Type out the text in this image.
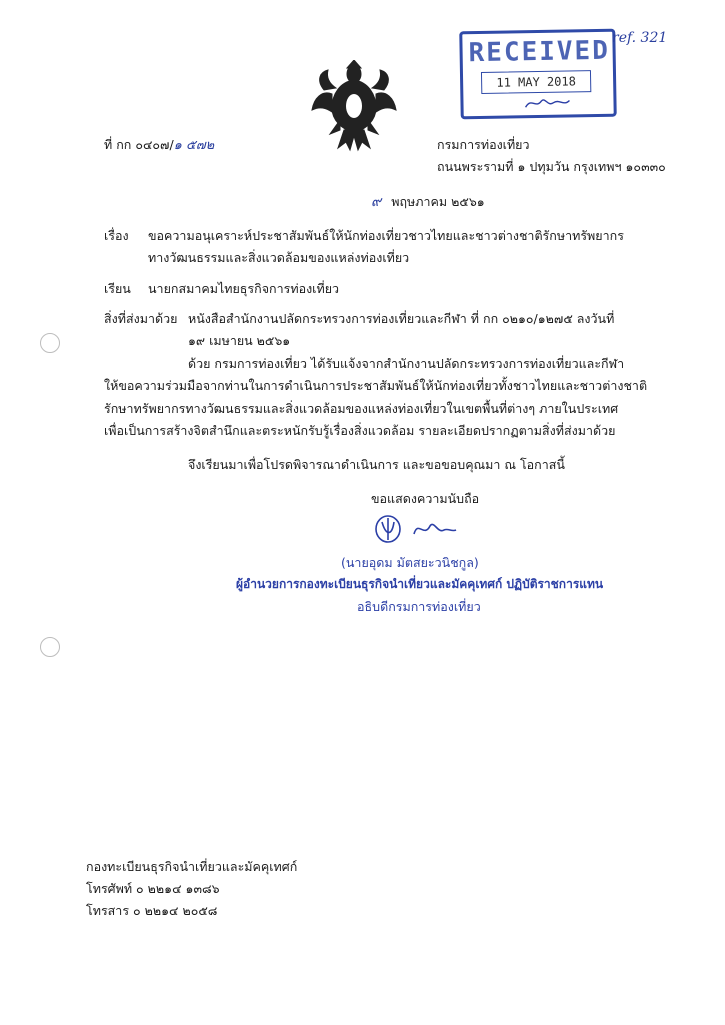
RECEIVED
11 MAY 2018
ref. 321
ที่ กก ๐๔๐๗/๑ ๕๗๒	กรมการท่องเที่ยว
ถนนพระรามที่ ๑ ปทุมวัน กรุงเทพฯ ๑๐๓๓๐
๙ พฤษภาคม ๒๕๖๑
เรื่อง ขอความอนุเคราะห์ประชาสัมพันธ์ให้นักท่องเที่ยวชาวไทยและชาวต่างชาติรักษาทรัพยากร
ทางวัฒนธรรมและสิ่งแวดล้อมของแหล่งท่องเที่ยว
เรียน นายกสมาคมไทยธุรกิจการท่องเที่ยว
สิ่งที่ส่งมาด้วย หนังสือสำนักงานปลัดกระทรวงการท่องเที่ยวและกีฬา ที่ กก ๐๒๑๐/๑๒๗๕ ลงวันที่
๑๙ เมษายน ๒๕๖๑
ด้วย กรมการท่องเที่ยว ได้รับแจ้งจากสำนักงานปลัดกระทรวงการท่องเที่ยวและกีฬา
ให้ขอความร่วมมือจากท่านในการดำเนินการประชาสัมพันธ์ให้นักท่องเที่ยวทั้งชาวไทยและชาวต่างชาติ
รักษาทรัพยากรทางวัฒนธรรมและสิ่งแวดล้อมของแหล่งท่องเที่ยวในเขตพื้นที่ต่างๆ ภายในประเทศ
เพื่อเป็นการสร้างจิตสำนึกและตระหนักรับรู้เรื่องสิ่งแวดล้อม รายละเอียดปรากฏตามสิ่งที่ส่งมาด้วย
จึงเรียนมาเพื่อโปรดพิจารณาดำเนินการ และขอขอบคุณมา ณ โอกาสนี้
ขอแสดงความนับถือ
(นายอุดม มัตสยะวนิชกูล)
ผู้อำนวยการกองทะเบียนธุรกิจนำเที่ยวและมัคคุเทศก์ ปฏิบัติราชการแทน
อธิบดีกรมการท่องเที่ยว
กองทะเบียนธุรกิจนำเที่ยวและมัคคุเทศก์
โทรศัพท์ ๐ ๒๒๑๔ ๑๓๘๖
โทรสาร ๐ ๒๒๑๔ ๒๐๕๘
